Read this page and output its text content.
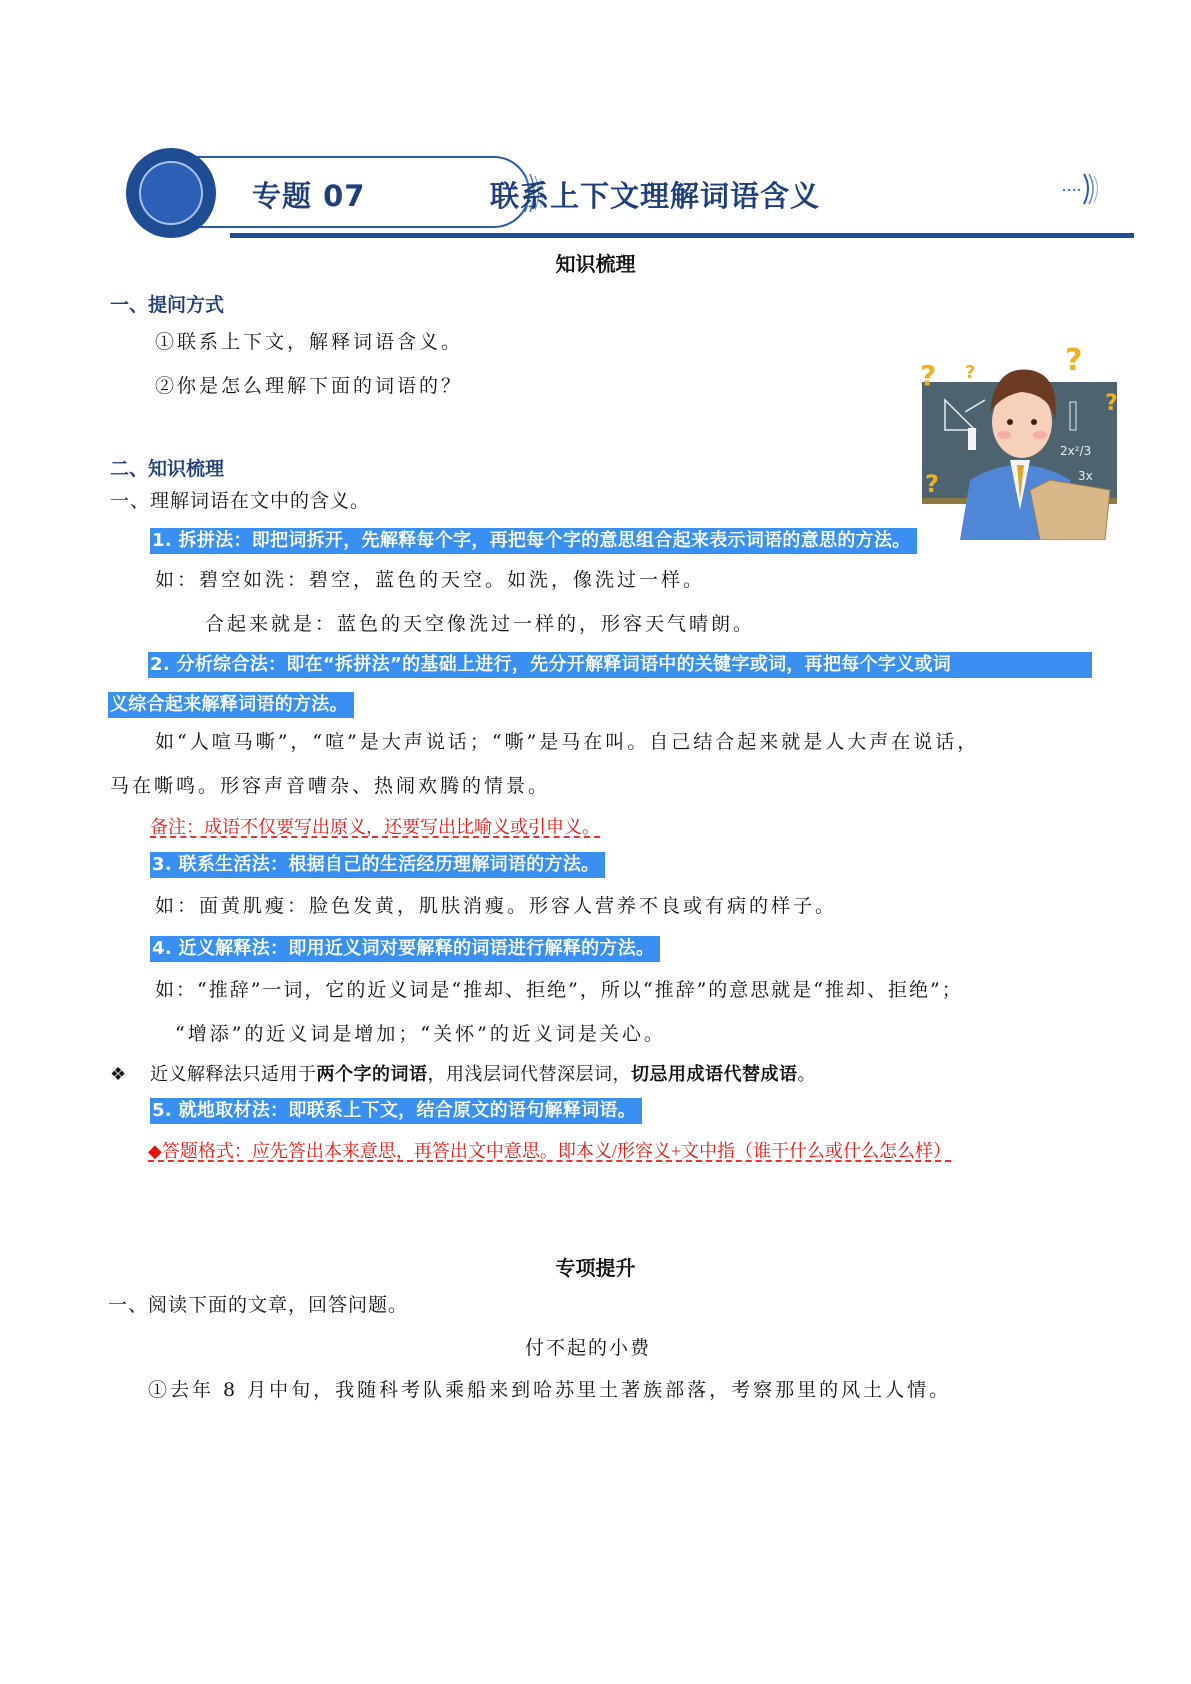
专题 07	联系上下文理解词语含义
知识梳理
一、提问方式
①联系上下文，解释词语含义。
②你是怎么理解下面的词语的？
2x²/3
3x
? ?	?
?
?
二、知识梳理
一、理解词语在文中的含义。
1. 拆拼法：即把词拆开，先解释每个字，再把每个字的意思组合起来表示词语的意思的方法。
如：碧空如洗：碧空，蓝色的天空。如洗，像洗过一样。
合起来就是：蓝色的天空像洗过一样的，形容天气晴朗。
2. 分析综合法：即在“拆拼法”的基础上进行，先分开解释词语中的关键字或词，再把每个字义或词
义综合起来解释词语的方法。
如“人喧马嘶”，“喧”是大声说话；“嘶”是马在叫。自己结合起来就是人大声在说话，
马在嘶鸣。形容声音嘈杂、热闹欢腾的情景。
备注：成语不仅要写出原义，还要写出比喻义或引申义。
3. 联系生活法：根据自己的生活经历理解词语的方法。
如：面黄肌瘦：脸色发黄，肌肤消瘦。形容人营养不良或有病的样子。
4. 近义解释法：即用近义词对要解释的词语进行解释的方法。
如：“推辞”一词，它的近义词是“推却、拒绝”，所以“推辞”的意思就是“推却、拒绝”；
“增添”的近义词是增加；“关怀”的近义词是关心。
❖ 近义解释法只适用于两个字的词语，用浅层词代替深层词，切忌用成语代替成语。
5. 就地取材法：即联系上下文，结合原文的语句解释词语。
◆答题格式：应先答出本来意思，再答出文中意思。即本义/形容义+文中指（谁干什么或什么怎么样）
专项提升
一、阅读下面的文章，回答问题。
付不起的小费
①去年 8 月中旬，我随科考队乘船来到哈苏里土著族部落，考察那里的风土人情。
